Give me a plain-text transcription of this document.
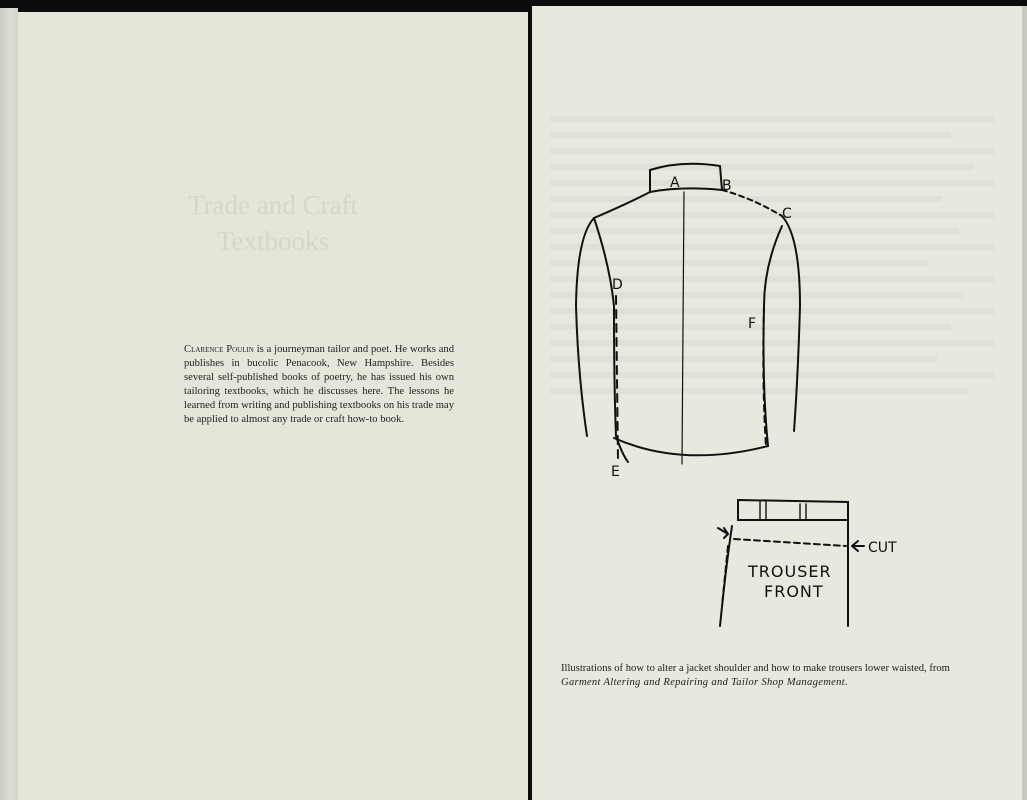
Trade and Craft
Textbooks
Clarence Poulin is a journeyman tailor and poet. He works and publishes in bucolic Penacook, New Hampshire. Besides several self-published books of poetry, he has issued his own tailoring textbooks, which he discusses here. The lessons he learned from writing and publishing textbooks on his trade may be applied to almost any trade or craft how-to book.
A	B
C
D
F
E
TROUSER
FRONT
CUT
Illustrations of how to alter a jacket shoulder and how to make trousers lower waisted, from Garment Altering and Repairing and Tailor Shop Management.
